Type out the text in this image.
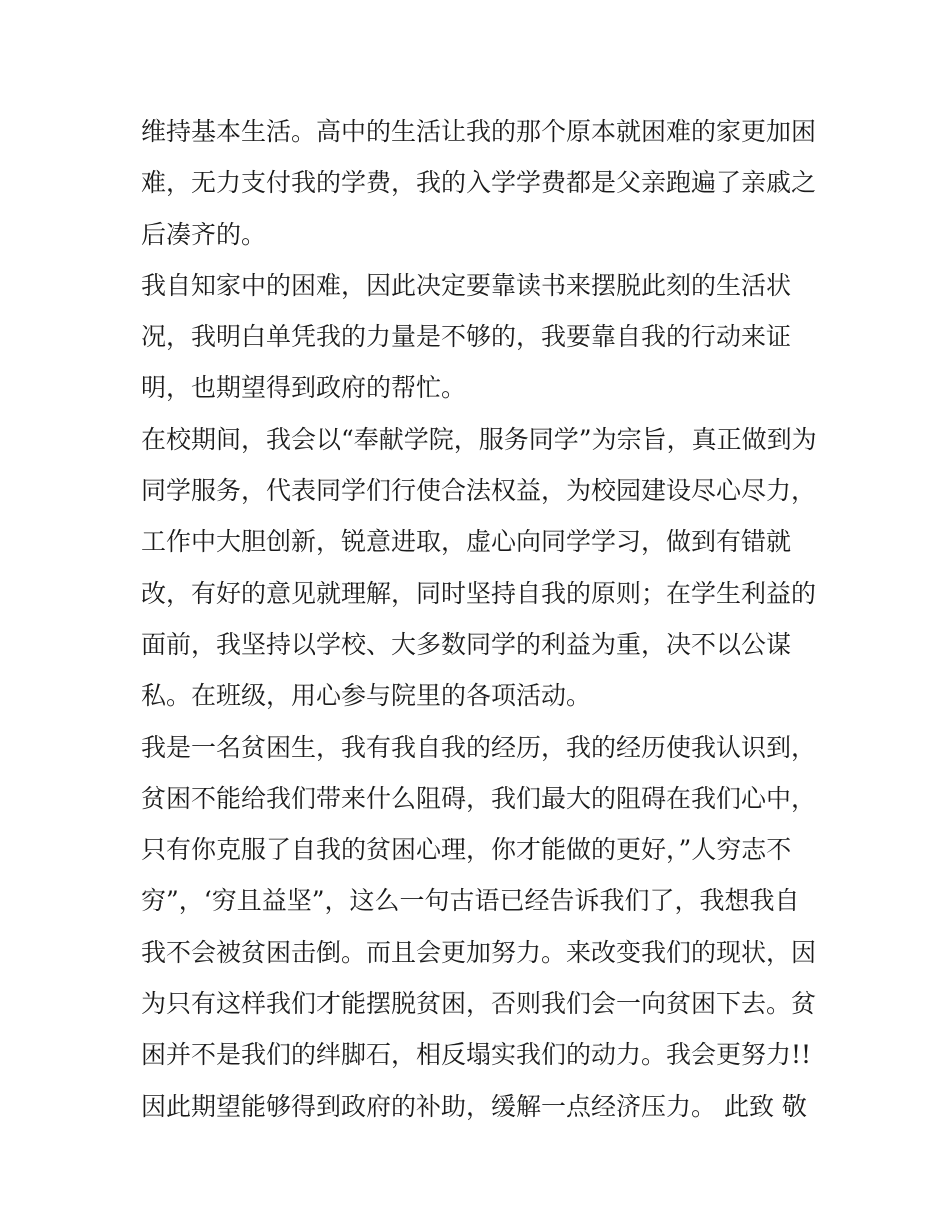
维持基本生活。高中的生活让我的那个原本就困难的家更加困
难，无力支付我的学费，我的入学学费都是父亲跑遍了亲戚之
后凑齐的。
我自知家中的困难，因此决定要靠读书来摆脱此刻的生活状
况，我明白单凭我的力量是不够的，我要靠自我的行动来证
明，也期望得到政府的帮忙。
在校期间，我会以“奉献学院，服务同学”为宗旨，真正做到为
同学服务，代表同学们行使合法权益，为校园建设尽心尽力，
工作中大胆创新，锐意进取，虚心向同学学习，做到有错就
改，有好的意见就理解，同时坚持自我的原则；在学生利益的
面前，我坚持以学校、大多数同学的利益为重，决不以公谋
私。在班级，用心参与院里的各项活动。
我是一名贫困生，我有我自我的经历，我的经历使我认识到，
贫困不能给我们带来什么阻碍，我们最大的阻碍在我们心中，
只有你克服了自我的贫困心理，你才能做的更好，”人穷志不
穷”，‘穷且益坚”，这么一句古语已经告诉我们了，我想我自
我不会被贫困击倒。而且会更加努力。来改变我们的现状，因
为只有这样我们才能摆脱贫困，否则我们会一向贫困下去。贫
困并不是我们的绊脚石，相反塌实我们的动力。我会更努力!!
因此期望能够得到政府的补助，缓解一点经济压力。 此致 敬
